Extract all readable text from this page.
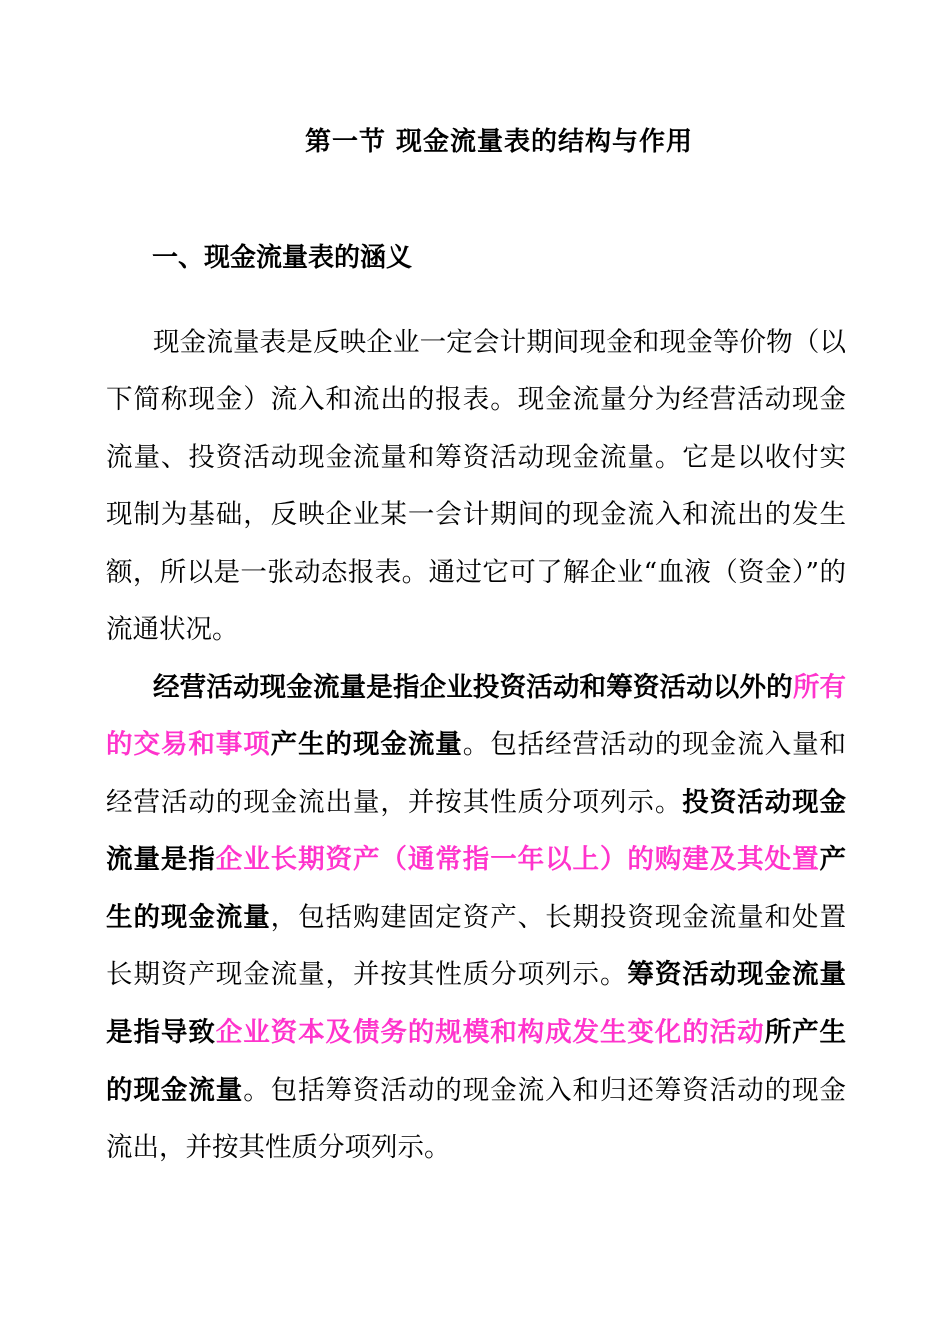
第一节 现金流量表的结构与作用
一、现金流量表的涵义

现金流量表是反映企业一定会计期间现金和现金等价物（以下简称现金）流入和流出的报表。现金流量分为经营活动现金流量、投资活动现金流量和筹资活动现金流量。它是以收付实现制为基础，反映企业某一会计期间的现金流入和流出的发生额，所以是一张动态报表。通过它可了解企业“血液（资金）”的流通状况。

经营活动现金流量是指企业投资活动和筹资活动以外的所有的交易和事项产生的现金流量。包括经营活动的现金流入量和经营活动的现金流出量，并按其性质分项列示。投资活动现金流量是指企业长期资产（通常指一年以上）的购建及其处置产生的现金流量，包括购建固定资产、长期投资现金流量和处置长期资产现金流量，并按其性质分项列示。筹资活动现金流量是指导致企业资本及债务的规模和构成发生变化的活动所产生的现金流量。包括筹资活动的现金流入和归还筹资活动的现金流出，并按其性质分项列示。
